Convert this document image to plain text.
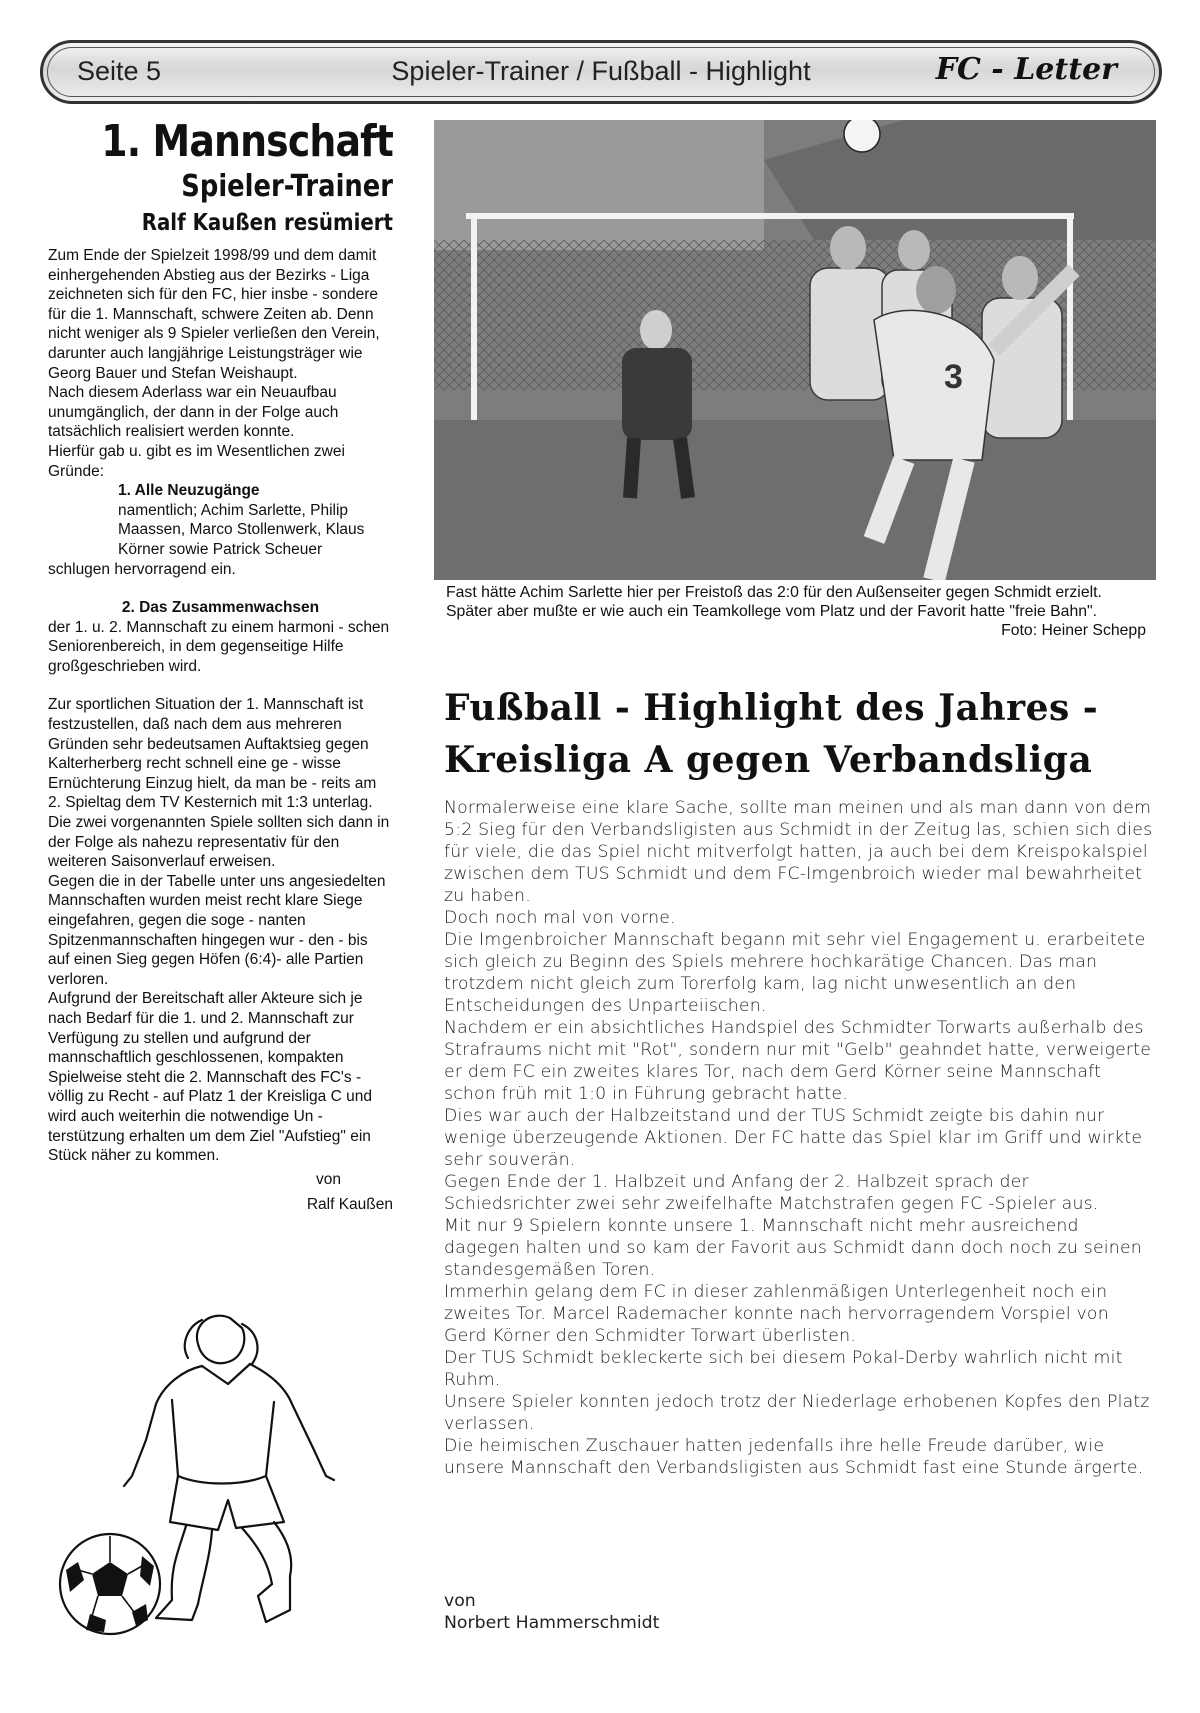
Spieler-Trainer / Fußball - Highlight
Seite 5	FC - Letter

1. Mannschaft

Spieler-Trainer

Ralf Kaußen resümiert

Zum Ende der Spielzeit 1998/99 und dem damit einhergehenden Abstieg aus der Bezirks - Liga zeichneten sich für den FC, hier insbe - sondere für die 1. Mannschaft, schwere Zeiten ab. Denn nicht weniger als 9 Spieler verließen den Verein, darunter auch langjährige Leistungsträger wie Georg Bauer und Stefan Weishaupt.

Nach diesem Aderlass war ein Neuaufbau unumgänglich, der dann in der Folge auch tatsächlich realisiert werden konnte.

Hierfür gab u. gibt es im Wesentlichen zwei Gründe:

1. Alle Neuzugänge

namentlich; Achim Sarlette, Philip Maassen, Marco Stollenwerk, Klaus Körner sowie Patrick Scheuer

schlugen hervorragend ein.

2. Das Zusammenwachsen

der 1. u. 2. Mannschaft zu einem harmoni - schen Seniorenbereich, in dem gegenseitige Hilfe großgeschrieben wird.

Zur sportlichen Situation der 1. Mannschaft ist festzustellen, daß nach dem aus mehreren Gründen sehr bedeutsamen Auftaktsieg gegen Kalterherberg recht schnell eine ge - wisse Ernüchterung Einzug hielt, da man be - reits am 2. Spieltag dem TV Kesternich mit 1:3 unterlag.

Die zwei vorgenannten Spiele sollten sich dann in der Folge als nahezu representativ für den weiteren Saisonverlauf erweisen.

Gegen die in der Tabelle unter uns angesiedelten Mannschaften wurden meist recht klare Siege eingefahren, gegen die soge - nanten Spitzenmannschaften hingegen wur - den - bis auf einen Sieg gegen Höfen (6:4)- alle Partien verloren.

Aufgrund der Bereitschaft aller Akteure sich je nach Bedarf für die 1. und 2. Mannschaft zur Verfügung zu stellen und aufgrund der mannschaftlich geschlossenen, kompakten Spielweise steht die 2. Mannschaft des FC's - völlig zu Recht - auf Platz 1 der Kreisliga C und wird auch weiterhin die notwendige Un - terstützung erhalten um dem Ziel "Aufstieg" ein Stück näher zu kommen.

von

Ralf Kaußen

3
Fast hätte Achim Sarlette hier per Freistoß das 2:0 für den Außenseiter gegen Schmidt erzielt. Später aber mußte er wie auch ein Teamkollege vom Platz und der Favorit hatte "freie Bahn".
Foto: Heiner Schepp
Fußball - Highlight des Jahres -
Kreisliga A gegen Verbandsliga

Normalerweise eine klare Sache, sollte man meinen und als man dann von dem 5:2 Sieg für den Verbandsligisten aus Schmidt in der Zeitug las, schien sich dies für viele, die das Spiel nicht mitverfolgt hatten, ja auch bei dem Kreispokalspiel zwischen dem TUS Schmidt und dem FC-Imgenbroich wieder mal bewahrheitet zu haben.

Doch noch mal von vorne.

Die Imgenbroicher Mannschaft begann mit sehr viel Engagement u. erarbeitete sich gleich zu Beginn des Spiels mehrere hochkarätige Chancen. Das man trotzdem nicht gleich zum Torerfolg kam, lag nicht unwesentlich an den Entscheidungen des Unparteiischen.

Nachdem er ein absichtliches Handspiel des Schmidter Torwarts außerhalb des Strafraums nicht mit "Rot", sondern nur mit "Gelb" geahndet hatte, verweigerte er dem FC ein zweites klares Tor, nach dem Gerd Körner seine Mannschaft schon früh mit 1:0 in Führung gebracht hatte.

Dies war auch der Halbzeitstand und der TUS Schmidt zeigte bis dahin nur wenige überzeugende Aktionen. Der FC hatte das Spiel klar im Griff und wirkte sehr souverän.

Gegen Ende der 1. Halbzeit und Anfang der 2. Halbzeit sprach der Schiedsrichter zwei sehr zweifelhafte Matchstrafen gegen FC -Spieler aus.

Mit nur 9 Spielern konnte unsere 1. Mannschaft nicht mehr ausreichend dagegen halten und so kam der Favorit aus Schmidt dann doch noch zu seinen standesgemäßen Toren.

Immerhin gelang dem FC in dieser zahlenmäßigen Unterlegenheit noch ein zweites Tor. Marcel Rademacher konnte nach hervorragendem Vorspiel von Gerd Körner den Schmidter Torwart überlisten.

Der TUS Schmidt bekleckerte sich bei diesem Pokal-Derby wahrlich nicht mit Ruhm.

Unsere Spieler konnten jedoch trotz der Niederlage erhobenen Kopfes den Platz verlassen.

Die heimischen Zuschauer hatten jedenfalls ihre helle Freude darüber, wie unsere Mannschaft den Verbandsligisten aus Schmidt fast eine Stunde ärgerte.

von
Norbert Hammerschmidt
